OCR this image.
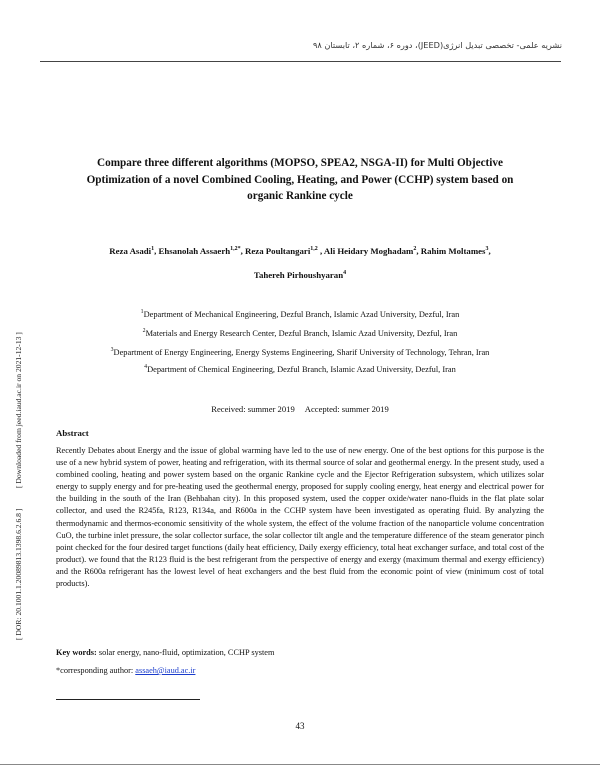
نشریه علمی- تخصصی تبدیل انرژی(JEED)، دوره ۶، شماره ۲، تابستان ۹۸
[ DOR: 20.1001.1.20089813.1398.6.2.6.8 ]
[ Downloaded from jeed.iaud.ac.ir on 2021-12-13 ]
Compare three different algorithms (MOPSO, SPEA2, NSGA-II) for Multi Objective
Optimization of a novel Combined Cooling, Heating, and Power (CCHP) system based on
organic Rankine cycle
Reza Asadi$^1$, Ehsanolah Assaerh$^{1,2*}$, Reza Poultangari$^{1,2}$ , Ali Heidary Moghadam$^2$, Rahim Moltames$^3$,
Tahereh Pirhoushyaran$^4$
$^1$Department of Mechanical Engineering, Dezful Branch, Islamic Azad University, Dezful, Iran
$^2$Materials and Energy Research Center, Dezful Branch, Islamic Azad University, Dezful, Iran
$^3$Department of Energy Engineering, Energy Systems Engineering, Sharif University of Technology, Tehran, Iran
$^4$Department of Chemical Engineering, Dezful Branch, Islamic Azad University, Dezful, Iran
Received: summer 2019 Accepted: summer 2019
Abstract
Recently Debates about Energy and the issue of global warming have led to the use of new energy. One of the best options for this purpose is the use of a new hybrid system of power, heating and refrigeration, with its thermal source of solar and geothermal energy. In the present study, used a combined cooling, heating and power system based on the organic Rankine cycle and the Ejector Refrigeration subsystem, which utilizes solar energy to supply energy and for pre-heating used the geothermal energy, proposed for supply cooling energy, heat energy and electrical power for the building in the south of the Iran (Behbahan city). In this proposed system, used the copper oxide/water nano-fluids in the flat plate solar collector, and used the R245fa, R123, R134a, and R600a in the CCHP system have been investigated as operating fluid. By analyzing the thermodynamic and thermos-economic sensitivity of the whole system, the effect of the volume fraction of the nanoparticle volume concentration CuO, the turbine inlet pressure, the solar collector surface, the solar collector tilt angle and the temperature difference of the steam generator pinch point checked for the four desired target functions (daily heat efficiency, Daily exergy efficiency, total heat exchanger surface, and total cost of the product). we found that the R123 fluid is the best refrigerant from the perspective of energy and exergy (maximum thermal and exergy efficiency) and the R600a refrigerant has the lowest level of heat exchangers and the best fluid from the economic point of view (minimum cost of total products).
Key words: solar energy, nano-fluid, optimization, CCHP system
*corresponding author: assaeh@iaud.ac.ir
43
